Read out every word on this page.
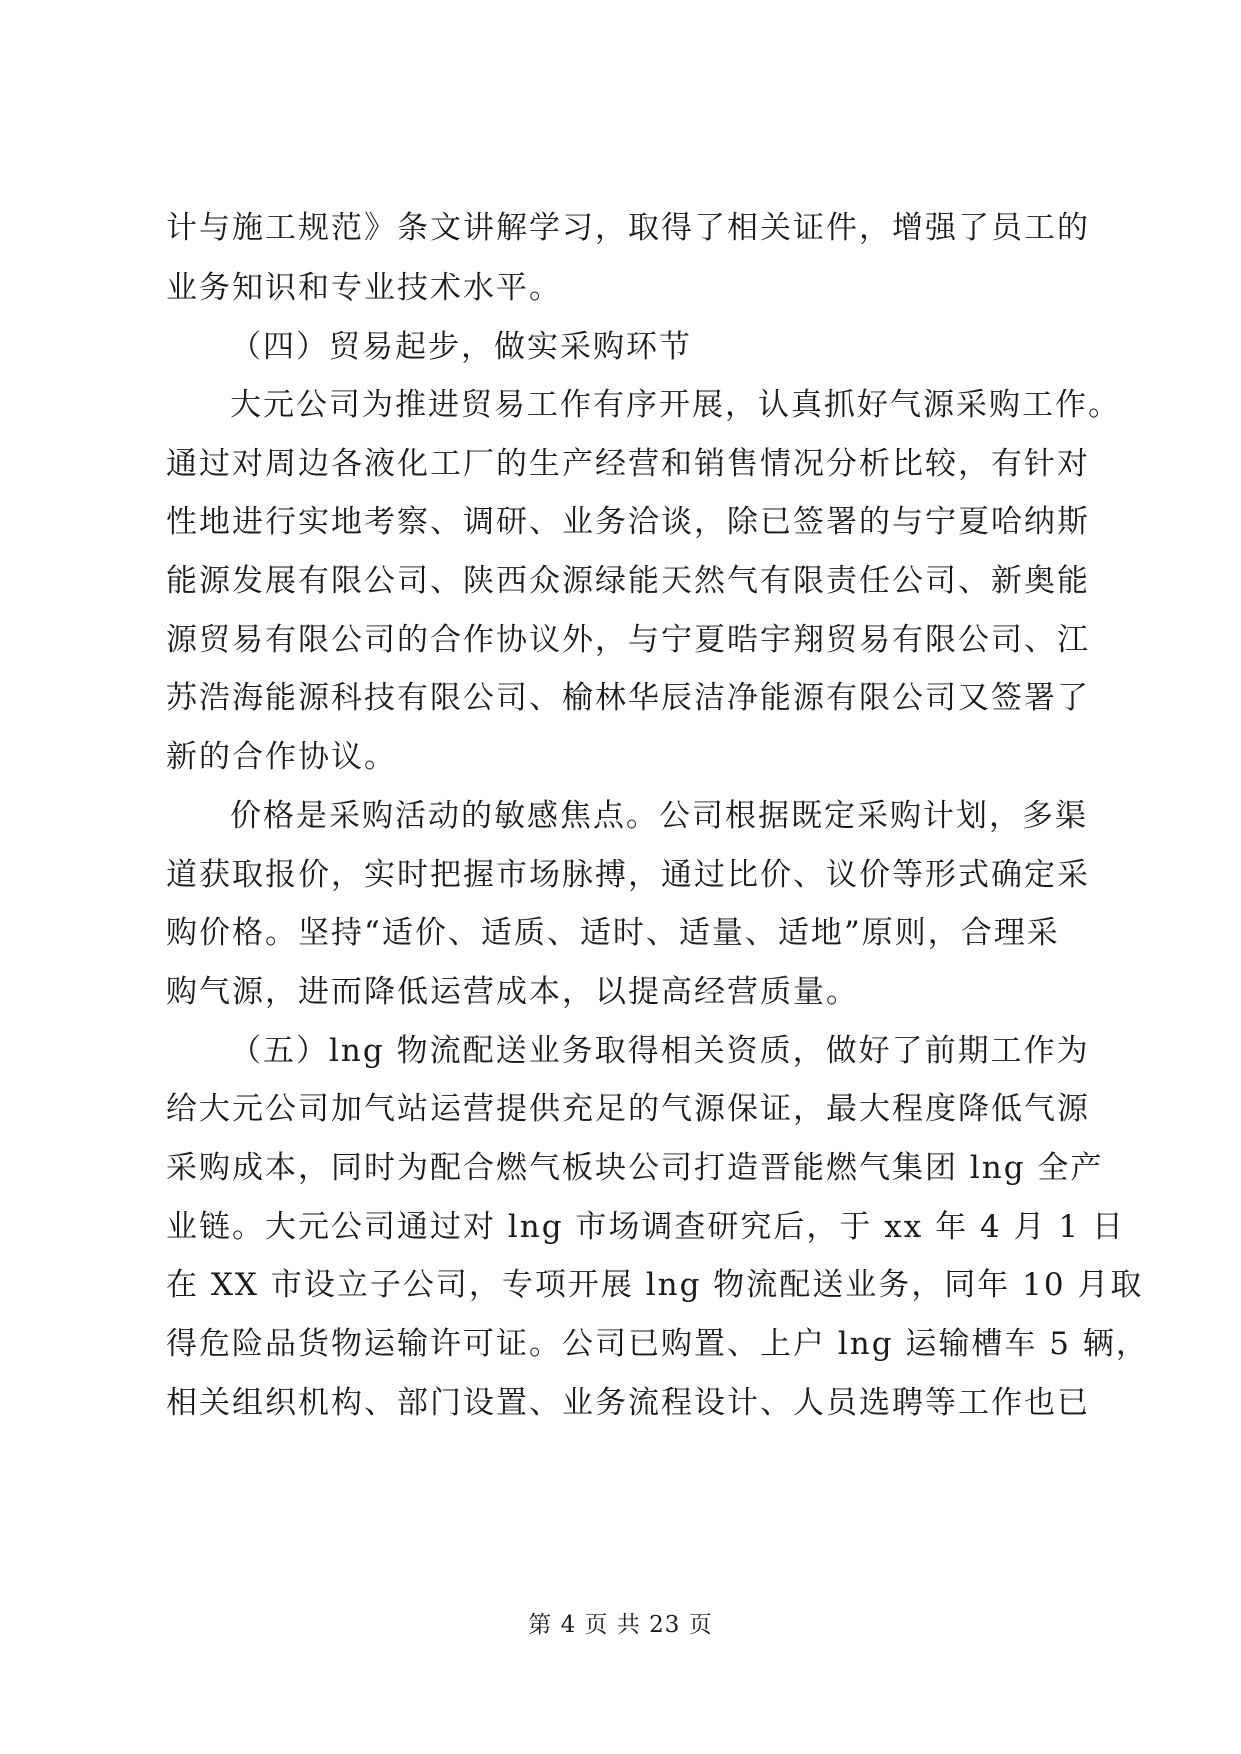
计与施工规范》条文讲解学习，取得了相关证件，增强了员工的
业务知识和专业技术水平。
（四）贸易起步，做实采购环节
大元公司为推进贸易工作有序开展，认真抓好气源采购工作。
通过对周边各液化工厂的生产经营和销售情况分析比较，有针对
性地进行实地考察、调研、业务洽谈，除已签署的与宁夏哈纳斯
能源发展有限公司、陕西众源绿能天然气有限责任公司、新奥能
源贸易有限公司的合作协议外，与宁夏晧宇翔贸易有限公司、江
苏浩海能源科技有限公司、榆林华辰洁净能源有限公司又签署了
新的合作协议。
价格是采购活动的敏感焦点。公司根据既定采购计划，多渠
道获取报价，实时把握市场脉搏，通过比价、议价等形式确定采
购价格。坚持“适价、适质、适时、适量、适地”原则，合理采
购气源，进而降低运营成本，以提高经营质量。
（五）lng 物流配送业务取得相关资质，做好了前期工作为
给大元公司加气站运营提供充足的气源保证，最大程度降低气源
采购成本，同时为配合燃气板块公司打造晋能燃气集团 lng 全产
业链。大元公司通过对 lng 市场调查研究后，于 xx 年 4 月 1 日
在 XX 市设立子公司，专项开展 lng 物流配送业务，同年 10 月取
得危险品货物运输许可证。公司已购置、上户 lng 运输槽车 5 辆，
相关组织机构、部门设置、业务流程设计、人员选聘等工作也已
第 4 页 共 23 页
